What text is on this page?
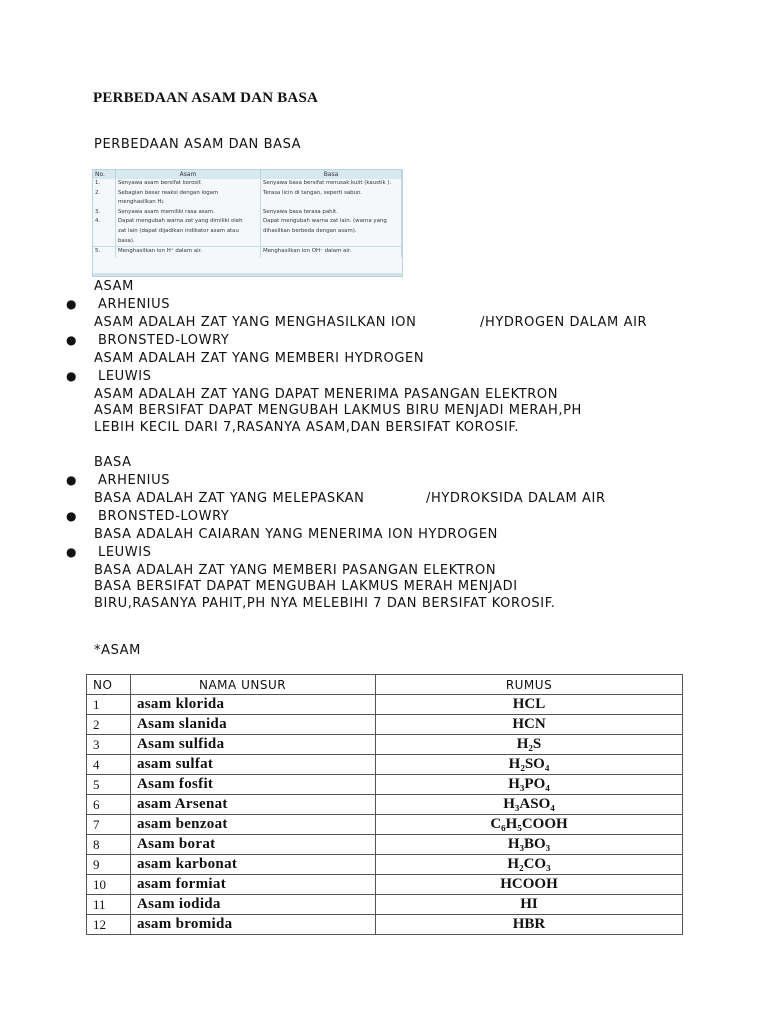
PERBEDAAN ASAM DAN BASA
PERBEDAAN ASAM DAN BASA
No.	Asam	Basa
1.	Senyawa asam bersifat korosif.	Senyawa basa bersifat merusak kulit (kaustik ).
2.	Sebagian besar reaksi dengan logam	Terasa licin di tangan, seperti sabun.
	menghasilkan H₂	
3.	Senyawa asam memiliki rasa asam.	Senyawa basa terasa pahit.
4.	Dapat mengubah warna zat yang dimiliki oleh	Dapat mengubah warna zat lain. (warna yang
	zat lain (dapat dijadikan indikator asam atau	dihasilkan berbeda dengan asam).
	basa).	
5.	Menghasilkan ion H⁺ dalam air.	Menghasilkan ion OH⁻ dalam air.
ASAM
● ARHENIUS
ASAM ADALAH ZAT YANG MENGHASILKAN ION	/HYDROGEN DALAM AIR
● BRONSTED-LOWRY
ASAM ADALAH ZAT YANG MEMBERI HYDROGEN
● LEUWIS
ASAM ADALAH ZAT YANG DAPAT MENERIMA PASANGAN ELEKTRON
ASAM BERSIFAT DAPAT MENGUBAH LAKMUS BIRU MENJADI MERAH,PH
LEBIH KECIL DARI 7,RASANYA ASAM,DAN BERSIFAT KOROSIF.
BASA
● ARHENIUS
BASA ADALAH ZAT YANG MELEPASKAN	/HYDROKSIDA DALAM AIR
● BRONSTED-LOWRY
BASA ADALAH CAIARAN YANG MENERIMA ION HYDROGEN
● LEUWIS
BASA ADALAH ZAT YANG MEMBERI PASANGAN ELEKTRON
BASA BERSIFAT DAPAT MENGUBAH LAKMUS MERAH MENJADI
BIRU,RASANYA PAHIT,PH NYA MELEBIHI 7 DAN BERSIFAT KOROSIF.
*ASAM
NO	NAMA UNSUR	RUMUS
1	asam klorida	HCL
2	Asam slanida	HCN
3	Asam sulfida	H₂S
4	asam sulfat	H₂SO₄
5	Asam fosfit	H₃PO₄
6	asam Arsenat	H₃ASO₄
7	asam benzoat	C₆H₅COOH
8	Asam borat	H₃BO₃
9	asam karbonat	H₂CO₃
10	asam formiat	HCOOH
11	Asam iodida	HI
12	asam bromida	HBR
